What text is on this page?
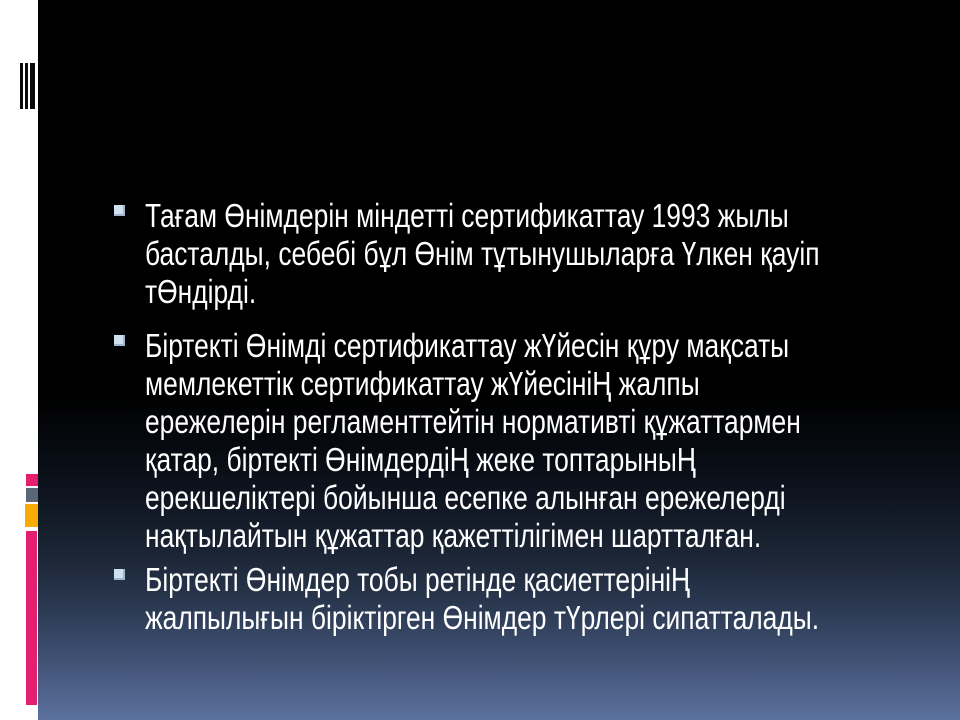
Тағам Өнімдерін міндетті сертификаттау 1993 жылы
басталды, себебі бұл Өнім тұтынушыларға Үлкен қауіп
тӨндірді.
Біртекті Өнімді сертификаттау жҮйесін құру мақсаты
мемлекеттік сертификаттау жҮйесініҢ жалпы
ережелерін регламенттейтін нормативті құжаттармен
қатар, біртекті ӨнімдердіҢ жеке топтарыныҢ
ерекшеліктері бойынша есепке алынған ережелерді
нақтылайтын құжаттар қажеттілігімен шартталған.
Біртекті Өнімдер тобы ретінде қасиеттерініҢ
жалпылығын біріктірген Өнімдер тҮрлері сипатталады.
